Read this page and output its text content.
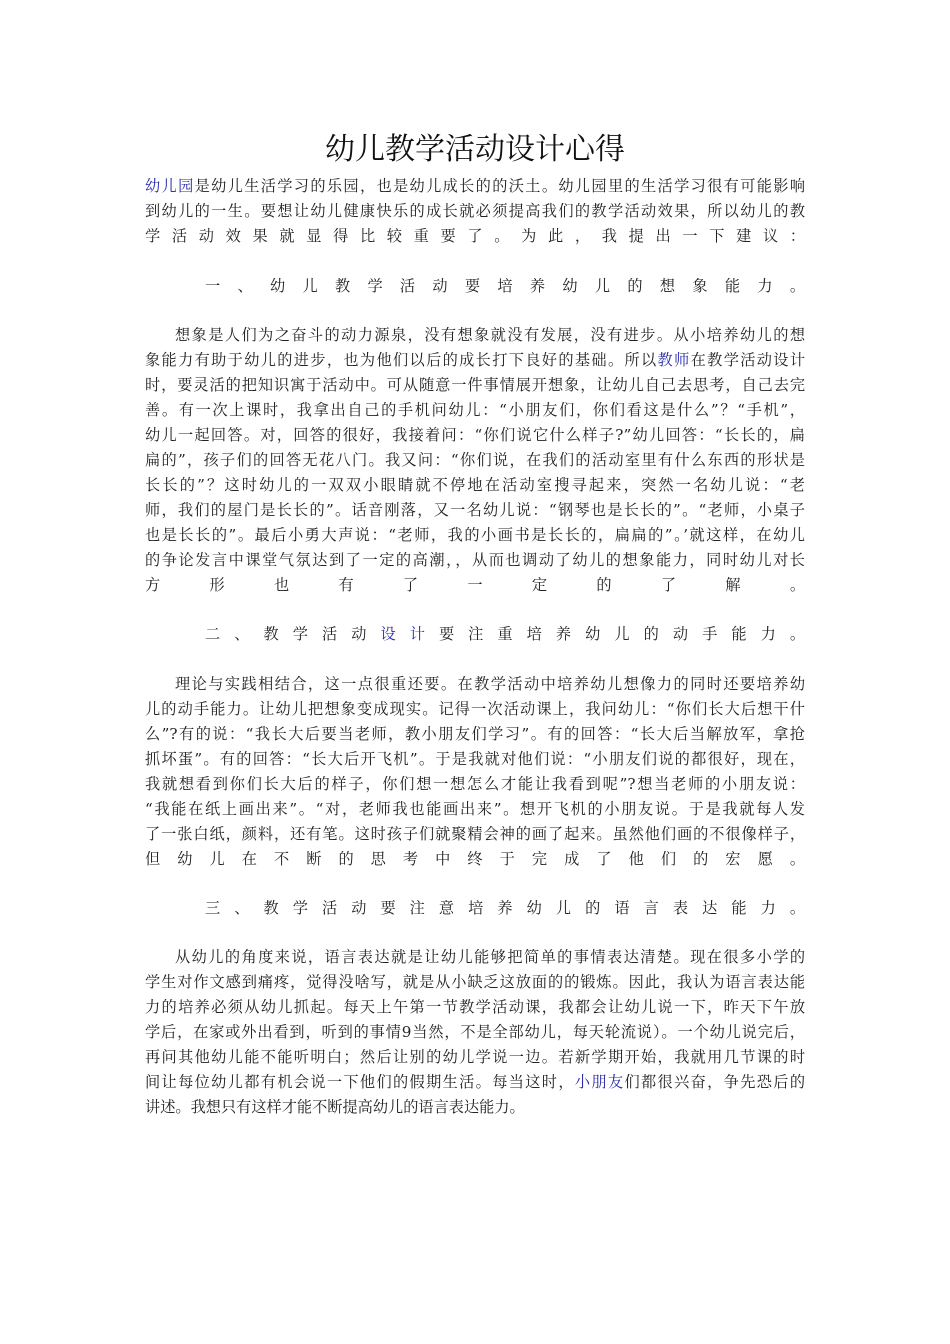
幼儿教学活动设计心得
幼儿园是幼儿生活学习的乐园，也是幼儿成长的的沃土。幼儿园里的生活学习很有可能影响
到幼儿的一生。要想让幼儿健康快乐的成长就必须提高我们的教学活动效果，所以幼儿的教
学活动效果就显得比较重要了。为此，我提出一下建议：
一、幼儿教学活动要培养幼儿的想象能力。
想象是人们为之奋斗的动力源泉，没有想象就没有发展，没有进步。从小培养幼儿的想
象能力有助于幼儿的进步，也为他们以后的成长打下良好的基础。所以教师在教学活动设计
时，要灵活的把知识寓于活动中。可从随意一件事情展开想象，让幼儿自己去思考，自己去完
善。有一次上课时，我拿出自己的手机问幼儿：“小朋友们，你们看这是什么”？“手机”，
幼儿一起回答。对，回答的很好，我接着问：“你们说它什么样子?”幼儿回答：“长长的，扁
扁的”，孩子们的回答无花八门。我又问：“你们说，在我们的活动室里有什么东西的形状是
长长的”？这时幼儿的一双双小眼睛就不停地在活动室搜寻起来，突然一名幼儿说：“老
师，我们的屋门是长长的”。话音刚落，又一名幼儿说：“钢琴也是长长的”。“老师，小桌子
也是长长的”。最后小勇大声说：“老师，我的小画书是长长的，扁扁的”。’就这样，在幼儿
的争论发言中课堂气氛达到了一定的高潮，，从而也调动了幼儿的想象能力，同时幼儿对长
方形也有了一定的了解。
二、教学活动设计要注重培养幼儿的动手能力。
理论与实践相结合，这一点很重还要。在教学活动中培养幼儿想像力的同时还要培养幼
儿的动手能力。让幼儿把想象变成现实。记得一次活动课上，我问幼儿：“你们长大后想干什
么”?有的说：“我长大后要当老师，教小朋友们学习”。有的回答：“长大后当解放军，拿抢
抓坏蛋”。有的回答：“长大后开飞机”。于是我就对他们说：“小朋友们说的都很好，现在，
我就想看到你们长大后的样子，你们想一想怎么才能让我看到呢”?想当老师的小朋友说：
“我能在纸上画出来”。“对，老师我也能画出来”。想开飞机的小朋友说。于是我就每人发
了一张白纸，颜料，还有笔。这时孩子们就聚精会神的画了起来。虽然他们画的不很像样子，
但幼儿在不断的思考中终于完成了他们的宏愿。
三、教学活动要注意培养幼儿的语言表达能力。
从幼儿的角度来说，语言表达就是让幼儿能够把简单的事情表达清楚。现在很多小学的
学生对作文感到痛疼，觉得没啥写，就是从小缺乏这放面的的锻炼。因此，我认为语言表达能
力的培养必须从幼儿抓起。每天上午第一节教学活动课，我都会让幼儿说一下，昨天下午放
学后，在家或外出看到，听到的事情9当然，不是全部幼儿，每天轮流说）。一个幼儿说完后，
再问其他幼儿能不能听明白；然后让别的幼儿学说一边。若新学期开始，我就用几节课的时
间让每位幼儿都有机会说一下他们的假期生活。每当这时，小朋友们都很兴奋，争先恐后的
讲述。我想只有这样才能不断提高幼儿的语言表达能力。
